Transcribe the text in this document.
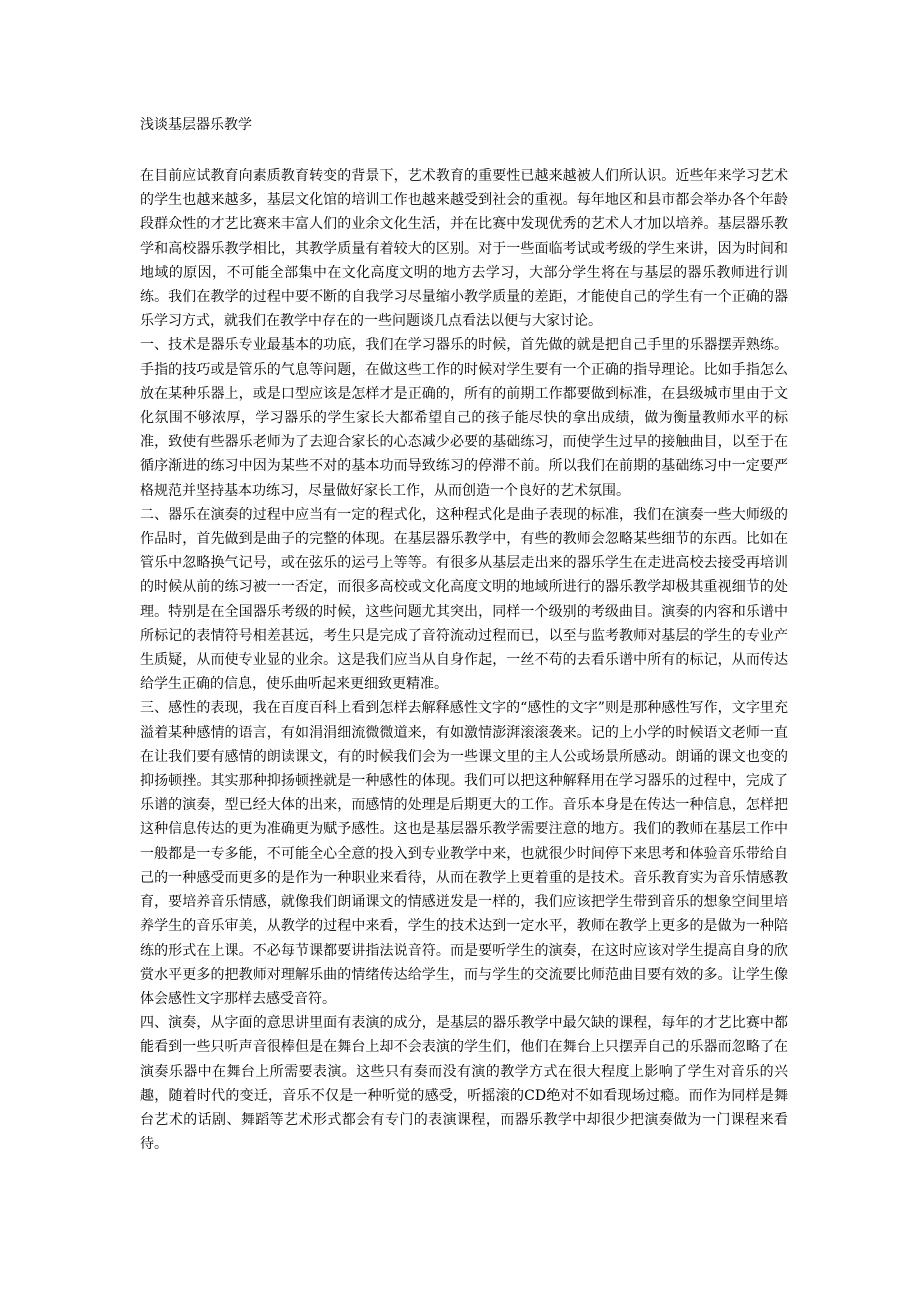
浅谈基层器乐教学

在目前应试教育向素质教育转变的背景下，艺术教育的重要性已越来越被人们所认识。近些年来学习艺术的学生也越来越多，基层文化馆的培训工作也越来越受到社会的重视。每年地区和县市都会举办各个年龄段群众性的才艺比赛来丰富人们的业余文化生活，并在比赛中发现优秀的艺术人才加以培养。基层器乐教学和高校器乐教学相比，其教学质量有着较大的区别。对于一些面临考试或考级的学生来讲，因为时间和地域的原因，不可能全部集中在文化高度文明的地方去学习，大部分学生将在与基层的器乐教师进行训练。我们在教学的过程中要不断的自我学习尽量缩小教学质量的差距，才能使自己的学生有一个正确的器乐学习方式，就我们在教学中存在的一些问题谈几点看法以便与大家讨论。

一、技术是器乐专业最基本的功底，我们在学习器乐的时候，首先做的就是把自己手里的乐器摆弄熟练。手指的技巧或是管乐的气息等问题，在做这些工作的时候对学生要有一个正确的指导理论。比如手指怎么放在某种乐器上，或是口型应该是怎样才是正确的，所有的前期工作都要做到标准，在县级城市里由于文化氛围不够浓厚，学习器乐的学生家长大都希望自己的孩子能尽快的拿出成绩，做为衡量教师水平的标准，致使有些器乐老师为了去迎合家长的心态减少必要的基础练习，而使学生过早的接触曲目，以至于在循序渐进的练习中因为某些不对的基本功而导致练习的停滞不前。所以我们在前期的基础练习中一定要严格规范并坚持基本功练习，尽量做好家长工作，从而创造一个良好的艺术氛围。

二、器乐在演奏的过程中应当有一定的程式化，这种程式化是曲子表现的标准，我们在演奏一些大师级的作品时，首先做到是曲子的完整的体现。在基层器乐教学中，有些的教师会忽略某些细节的东西。比如在管乐中忽略换气记号，或在弦乐的运弓上等等。有很多从基层走出来的器乐学生在走进高校去接受再培训的时候从前的练习被一一否定，而很多高校或文化高度文明的地域所进行的器乐教学却极其重视细节的处理。特别是在全国器乐考级的时候，这些问题尤其突出，同样一个级别的考级曲目。演奏的内容和乐谱中所标记的表情符号相差甚远，考生只是完成了音符流动过程而已，以至与监考教师对基层的学生的专业产生质疑，从而使专业显的业余。这是我们应当从自身作起，一丝不苟的去看乐谱中所有的标记，从而传达给学生正确的信息，使乐曲听起来更细致更精准。

三、感性的表现，我在百度百科上看到怎样去解释感性文字的“感性的文字”则是那种感性写作，文字里充溢着某种感情的语言，有如涓涓细流微微道来，有如激情澎湃滚滚袭来。记的上小学的时候语文老师一直在让我们要有感情的朗读课文，有的时候我们会为一些课文里的主人公或场景所感动。朗诵的课文也变的抑扬顿挫。其实那种抑扬顿挫就是一种感性的体现。我们可以把这种解释用在学习器乐的过程中，完成了乐谱的演奏，型已经大体的出来，而感情的处理是后期更大的工作。音乐本身是在传达一种信息，怎样把这种信息传达的更为准确更为赋予感性。这也是基层器乐教学需要注意的地方。我们的教师在基层工作中一般都是一专多能，不可能全心全意的投入到专业教学中来，也就很少时间停下来思考和体验音乐带给自己的一种感受而更多的是作为一种职业来看待，从而在教学上更着重的是技术。音乐教育实为音乐情感教育，要培养音乐情感，就像我们朗诵课文的情感迸发是一样的，我们应该把学生带到音乐的想象空间里培养学生的音乐审美，从教学的过程中来看，学生的技术达到一定水平，教师在教学上更多的是做为一种陪练的形式在上课。不必每节课都要讲指法说音符。而是要听学生的演奏，在这时应该对学生提高自身的欣赏水平更多的把教师对理解乐曲的情绪传达给学生，而与学生的交流要比师范曲目要有效的多。让学生像体会感性文字那样去感受音符。

四、演奏，从字面的意思讲里面有表演的成分，是基层的器乐教学中最欠缺的课程，每年的才艺比赛中都能看到一些只听声音很棒但是在舞台上却不会表演的学生们，他们在舞台上只摆弄自己的乐器而忽略了在演奏乐器中在舞台上所需要表演。这些只有奏而没有演的教学方式在很大程度上影响了学生对音乐的兴趣，随着时代的变迁，音乐不仅是一种听觉的感受，听摇滚的CD绝对不如看现场过瘾。而作为同样是舞台艺术的话剧、舞蹈等艺术形式都会有专门的表演课程，而器乐教学中却很少把演奏做为一门课程来看待。
